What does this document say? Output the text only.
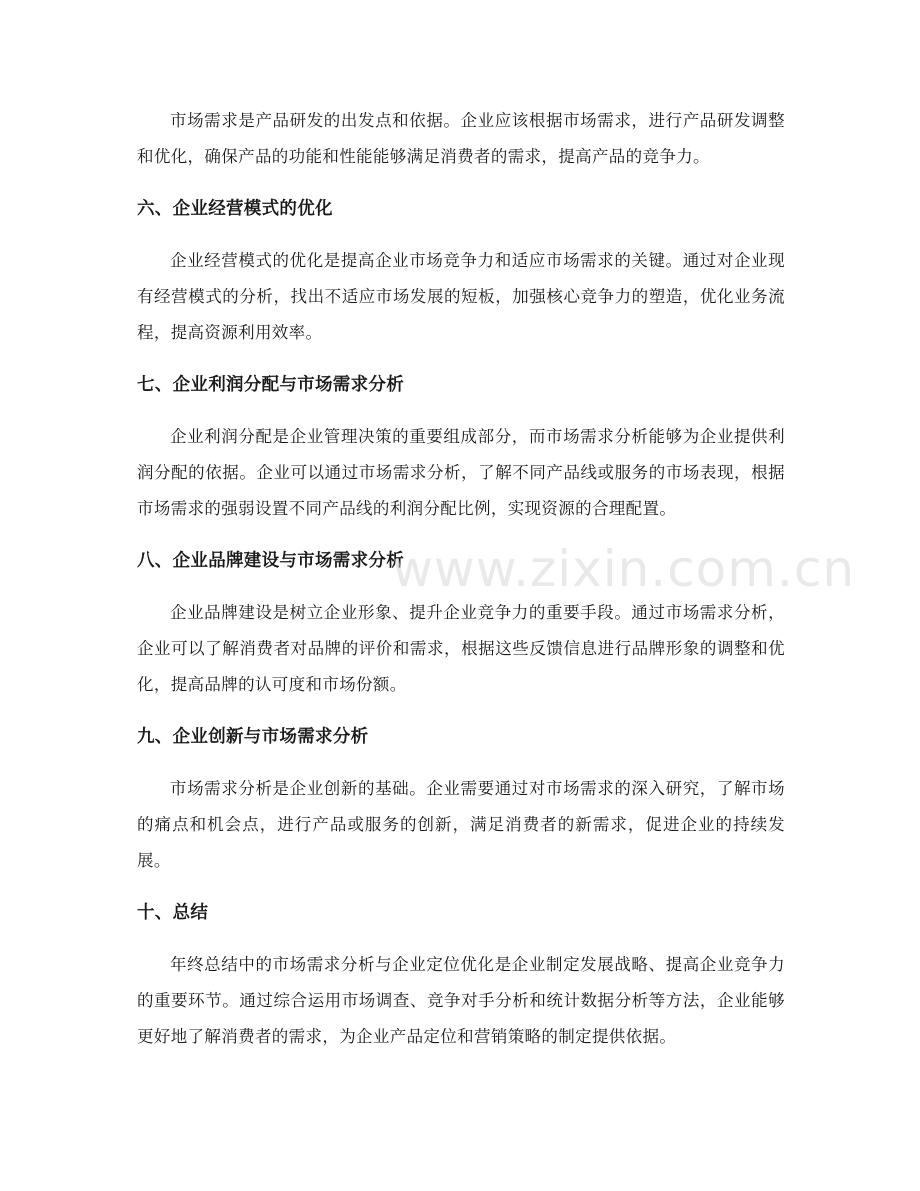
市场需求是产品研发的出发点和依据。企业应该根据市场需求，进行产品研发调整和优化，确保产品的功能和性能能够满足消费者的需求，提高产品的竞争力。

六、企业经营模式的优化

企业经营模式的优化是提高企业市场竞争力和适应市场需求的关键。通过对企业现有经营模式的分析，找出不适应市场发展的短板，加强核心竞争力的塑造，优化业务流程，提高资源利用效率。

七、企业利润分配与市场需求分析

企业利润分配是企业管理决策的重要组成部分，而市场需求分析能够为企业提供利润分配的依据。企业可以通过市场需求分析，了解不同产品线或服务的市场表现，根据市场需求的强弱设置不同产品线的利润分配比例，实现资源的合理配置。

八、企业品牌建设与市场需求分析

企业品牌建设是树立企业形象、提升企业竞争力的重要手段。通过市场需求分析，企业可以了解消费者对品牌的评价和需求，根据这些反馈信息进行品牌形象的调整和优化，提高品牌的认可度和市场份额。

九、企业创新与市场需求分析

市场需求分析是企业创新的基础。企业需要通过对市场需求的深入研究，了解市场的痛点和机会点，进行产品或服务的创新，满足消费者的新需求，促进企业的持续发展。

十、总结

年终总结中的市场需求分析与企业定位优化是企业制定发展战略、提高企业竞争力的重要环节。通过综合运用市场调查、竞争对手分析和统计数据分析等方法，企业能够更好地了解消费者的需求，为企业产品定位和营销策略的制定提供依据。

www.zixin.com.cn
